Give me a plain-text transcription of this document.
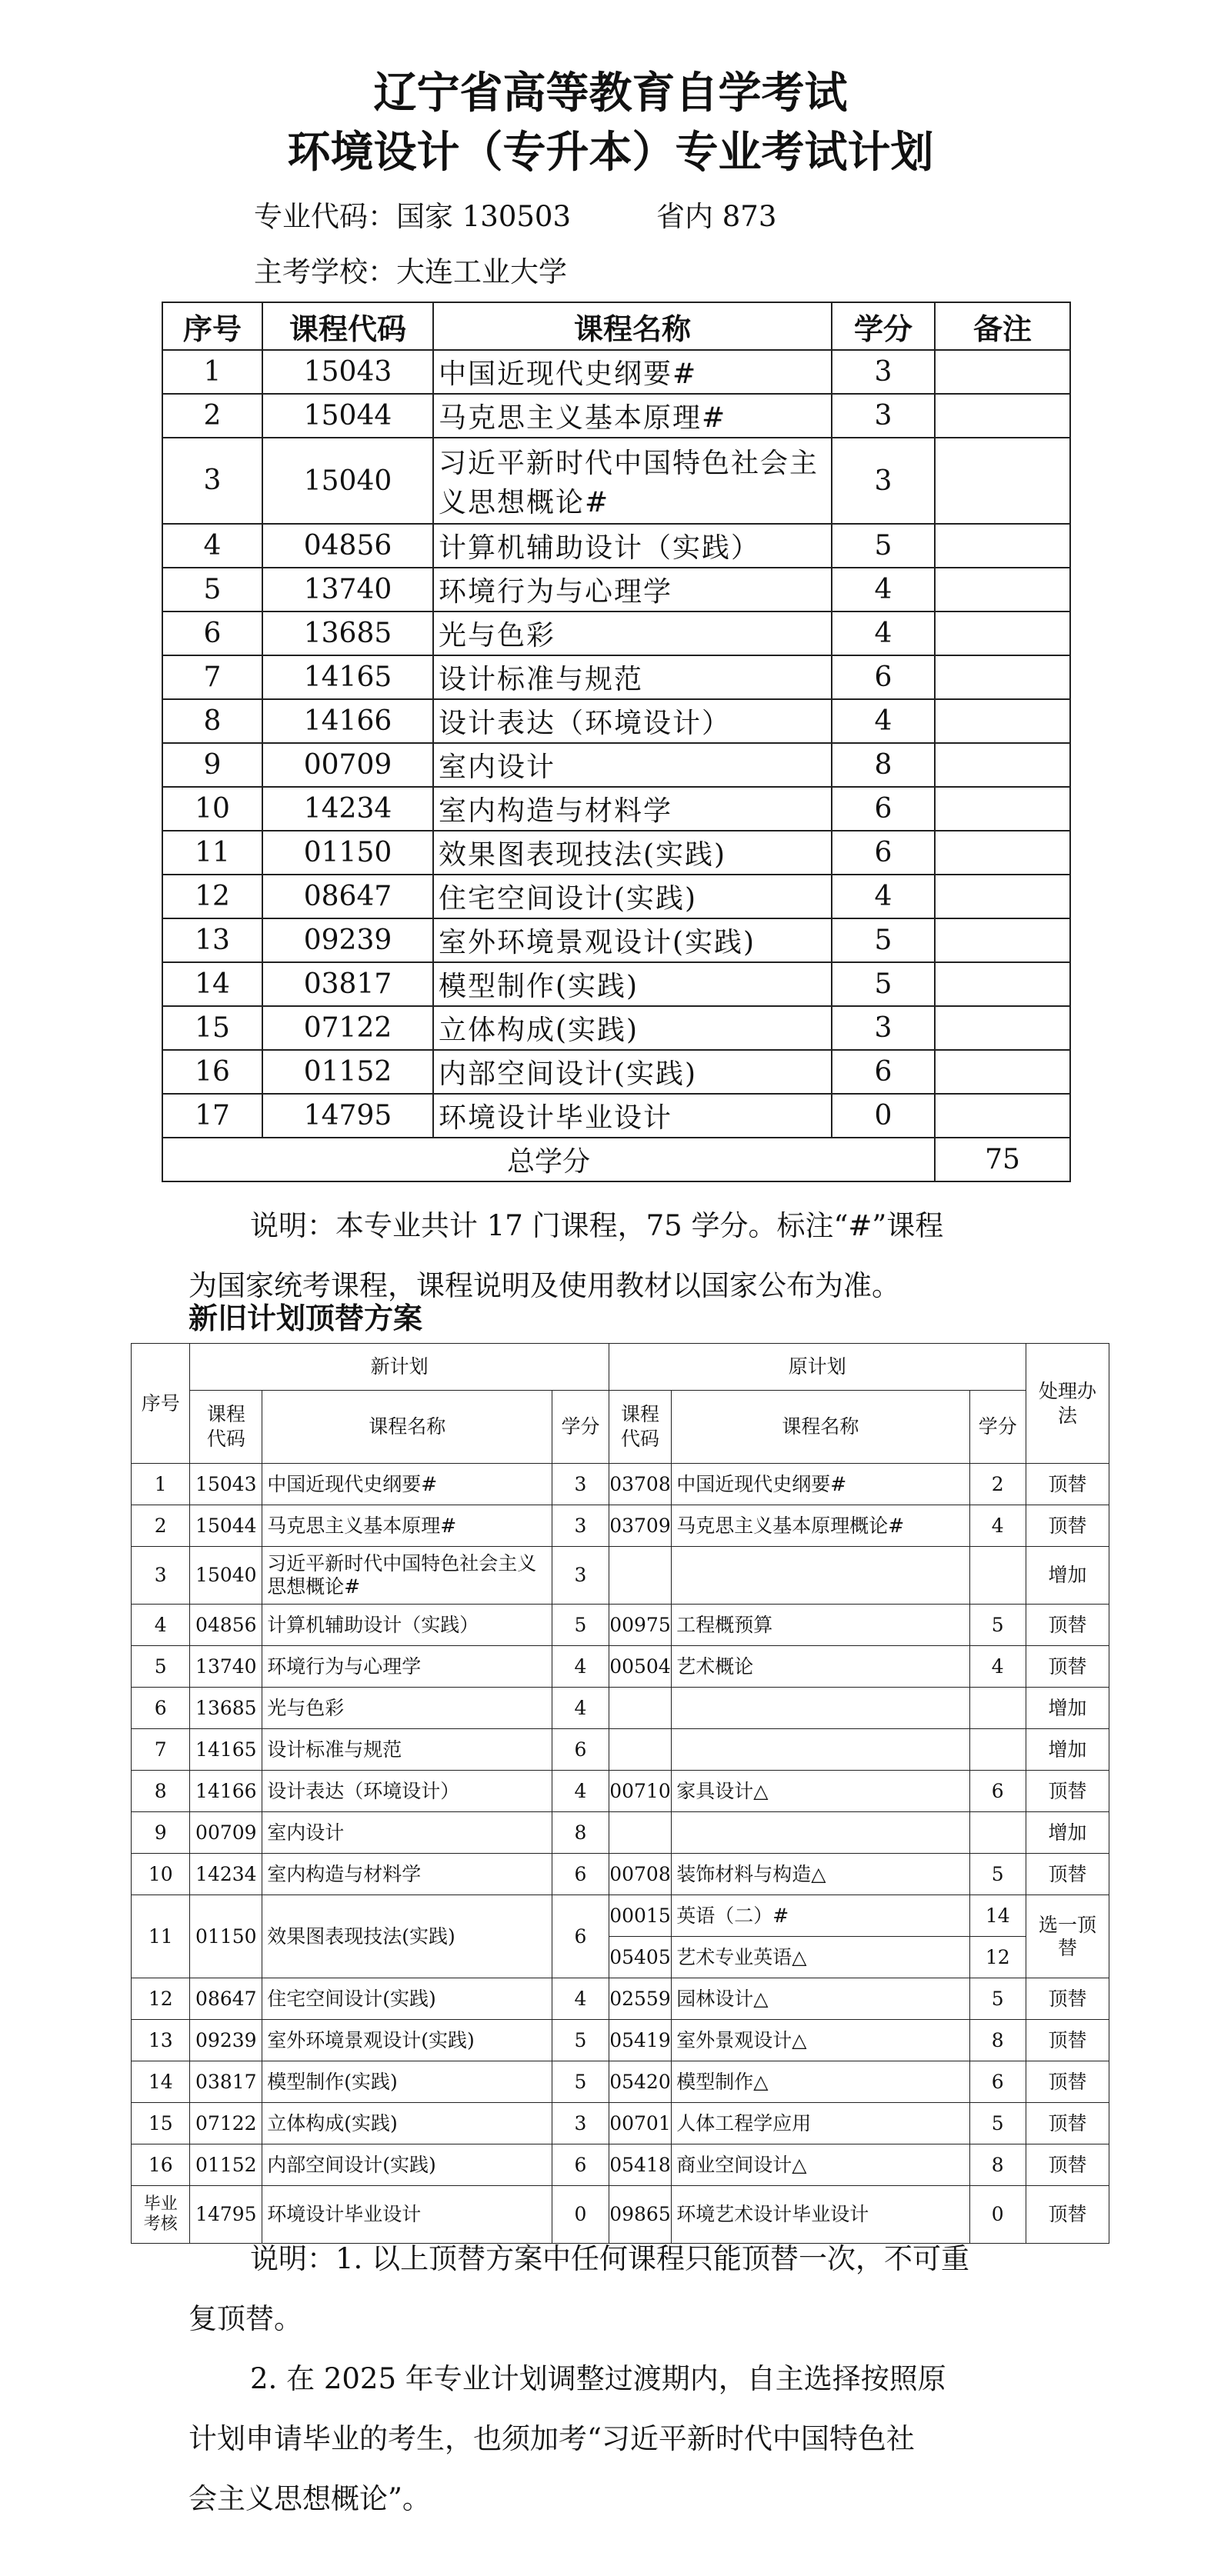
辽宁省高等教育自学考试
环境设计（专升本）专业考试计划
专业代码：国家 130503　　　省内 873
主考学校：大连工业大学
序号	课程代码	课程名称	学分	备注
1	15043	中国近现代史纲要#	3	
2	15044	马克思主义基本原理#	3	
3	15040	习近平新时代中国特色社会主义思想概论#	3	
4	04856	计算机辅助设计（实践）	5	
5	13740	环境行为与心理学	4	
6	13685	光与色彩	4	
7	14165	设计标准与规范	6	
8	14166	设计表达（环境设计）	4	
9	00709	室内设计	8	
10	14234	室内构造与材料学	6	
11	01150	效果图表现技法(实践)	6	
12	08647	住宅空间设计(实践)	4	
13	09239	室外环境景观设计(实践)	5	
14	03817	模型制作(实践)	5	
15	07122	立体构成(实践)	3	
16	01152	内部空间设计(实践)	6	
17	14795	环境设计毕业设计	0	
总学分				75
说明：本专业共计 17 门课程，75 学分。标注“#”课程
为国家统考课程，课程说明及使用教材以国家公布为准。
新旧计划顶替方案
序号	新计划			原计划			处理办法
	课程代码	课程名称	学分	课程代码	课程名称	学分	
1	15043	中国近现代史纲要#	3	03708	中国近现代史纲要#	2	顶替
2	15044	马克思主义基本原理#	3	03709	马克思主义基本原理概论#	4	顶替
3	15040	习近平新时代中国特色社会主义思想概论#	3				增加
4	04856	计算机辅助设计（实践）	5	00975	工程概预算	5	顶替
5	13740	环境行为与心理学	4	00504	艺术概论	4	顶替
6	13685	光与色彩	4				增加
7	14165	设计标准与规范	6				增加
8	14166	设计表达（环境设计）	4	00710	家具设计△	6	顶替
9	00709	室内设计	8				增加
10	14234	室内构造与材料学	6	00708	装饰材料与构造△	5	顶替
11	01150	效果图表现技法(实践)	6	00015	英语（二）#	14	选一顶替
				05405	艺术专业英语△	12	
12	08647	住宅空间设计(实践)	4	02559	园林设计△	5	顶替
13	09239	室外环境景观设计(实践)	5	05419	室外景观设计△	8	顶替
14	03817	模型制作(实践)	5	05420	模型制作△	6	顶替
15	07122	立体构成(实践)	3	00701	人体工程学应用	5	顶替
16	01152	内部空间设计(实践)	6	05418	商业空间设计△	8	顶替
毕业考核	14795	环境设计毕业设计	0	09865	环境艺术设计毕业设计	0	顶替
说明：1. 以上顶替方案中任何课程只能顶替一次，不可重
复顶替。
2. 在 2025 年专业计划调整过渡期内，自主选择按照原
计划申请毕业的考生，也须加考“习近平新时代中国特色社
会主义思想概论”。
